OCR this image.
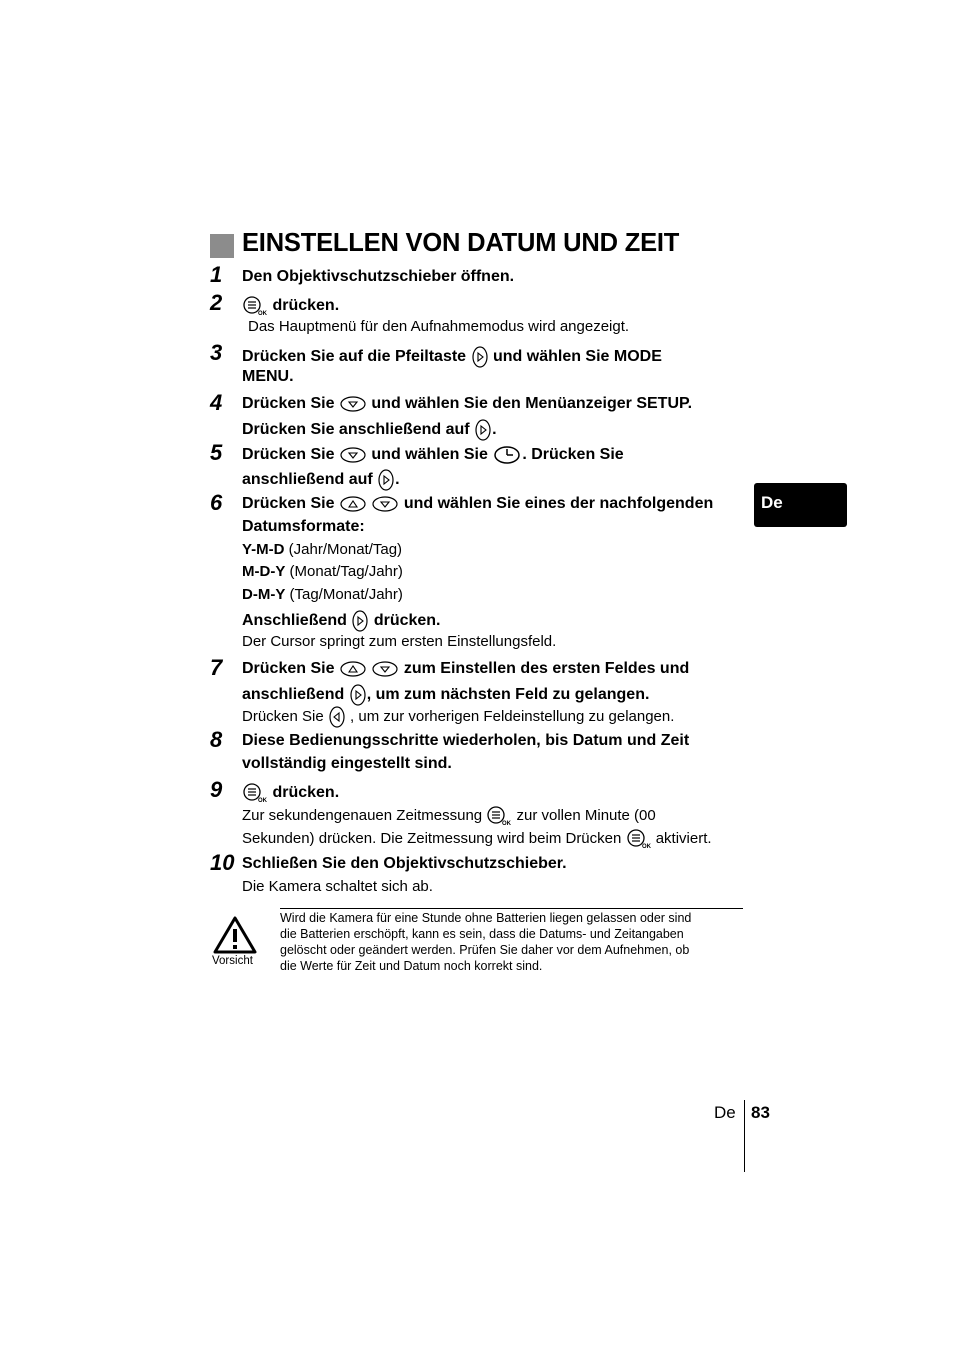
EINSTELLEN VON DATUM UND ZEIT
1 Den Objektivschutzschieber öffnen.
2	OK drücken.
Das Hauptmenü für den Aufnahmemodus wird angezeigt.
3 Drücken Sie auf die Pfeiltaste und wählen Sie MODE
MENU.
4 Drücken Sie und wählen Sie den Menüanzeiger SETUP.
Drücken Sie anschließend auf .
5 Drücken Sie und wählen Sie . Drücken Sie
anschließend auf .
6 Drücken Sie
	und wählen Sie eines der nachfolgenden
Datumsformate:
Y-M-D (Jahr/Monat/Tag)
M-D-Y (Monat/Tag/Jahr)
D-M-Y (Tag/Monat/Jahr)
Anschließend drücken.
Der Cursor springt zum ersten Einstellungsfeld.
7 Drücken Sie
	zum Einstellen des ersten Feldes und
anschließend , um zum nächsten Feld zu gelangen.
Drücken Sie , um zur vorherigen Feldeinstellung zu gelangen.
8 Diese Bedienungsschritte wiederholen, bis Datum und Zeit
vollständig eingestellt sind.
9	OK drücken.
Zur sekundengenauen Zeitmessung
OK
zur vollen Minute (00
Sekunden) drücken. Die Zeitmessung wird beim Drücken
OK
aktiviert.
10 Schließen Sie den Objektivschutzschieber.
Die Kamera schaltet sich ab.
Vorsicht
Wird die Kamera für eine Stunde ohne Batterien liegen gelassen oder sind
die Batterien erschöpft, kann es sein, dass die Datums- und Zeitangaben
gelöscht oder geändert werden. Prüfen Sie daher vor dem Aufnehmen, ob
die Werte für Zeit und Datum noch korrekt sind.
De
De 83
